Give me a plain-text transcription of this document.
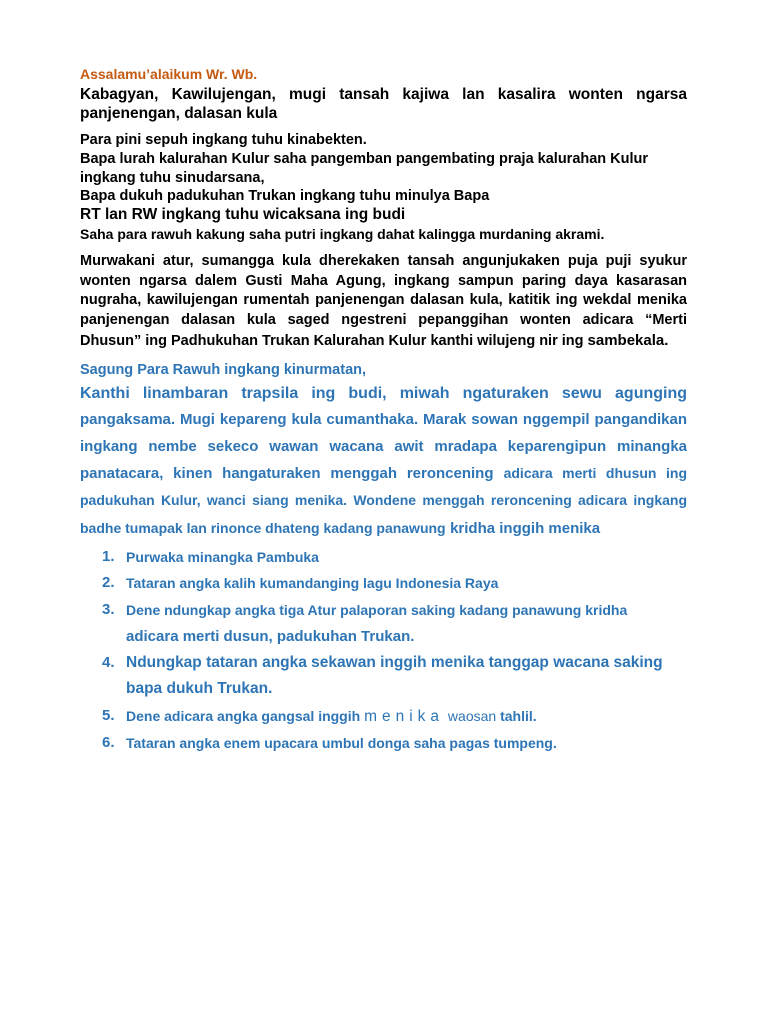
Assalamu’alaikum Wr. Wb.

Kabagyan, Kawilujengan, mugi tansah kajiwa lan kasalira wonten ngarsa panjenengan, dalasan kula

Para pini sepuh ingkang tuhu kinabekten.
Bapa lurah kalurahan Kulur saha pangemban pangembating praja kalurahan Kulur ingkang tuhu sinudarsana,
Bapa dukuh padukuhan Trukan ingkang tuhu minulya Bapa
RT lan RW ingkang tuhu wicaksana ing budi
Saha para rawuh kakung saha putri ingkang dahat kalingga murdaning akrami.

Murwakani atur, sumangga kula dherekaken tansah angunjukaken puja puji syukur wonten ngarsa dalem Gusti Maha Agung, ingkang sampun paring daya kasarasan nugraha, kawilujengan rumentah panjenengan dalasan kula, katitik ing wekdal menika panjenengan dalasan kula saged ngestreni pepanggihan wonten adicara “Merti Dhusun” ing Padhukuhan Trukan Kalurahan Kulur kanthi wilujeng nir ing sambekala.

Sagung Para Rawuh ingkang kinurmatan,

Kanthi linambaran trapsila ing budi, miwah ngaturaken sewu agunging pangaksama. Mugi kepareng kula cumanthaka. Marak sowan nggempil pangandikan ingkang nembe sekeco wawan wacana awit mradapa keparengipun minangka panatacara, kinen hangaturaken menggah reroncening adicara merti dhusun ing padukuhan Kulur, wanci siang menika. Wondene menggah reroncening adicara ingkang badhe tumapak lan rinonce dhateng kadang panawung kridha inggih menika

1. Purwaka minangka Pambuka
2. Tataran angka kalih kumandanging lagu Indonesia Raya
3. Dene ndungkap angka tiga Atur palaporan saking kadang panawung kridha
adicara merti dusun, padukuhan Trukan.
4. Ndungkap tataran angka sekawan inggih menika tanggap wacana saking bapa dukuh Trukan.
5. Dene adicara angka gangsal inggih menika waosan tahlil.
6. Tataran angka enem upacara umbul donga saha pagas tumpeng.
